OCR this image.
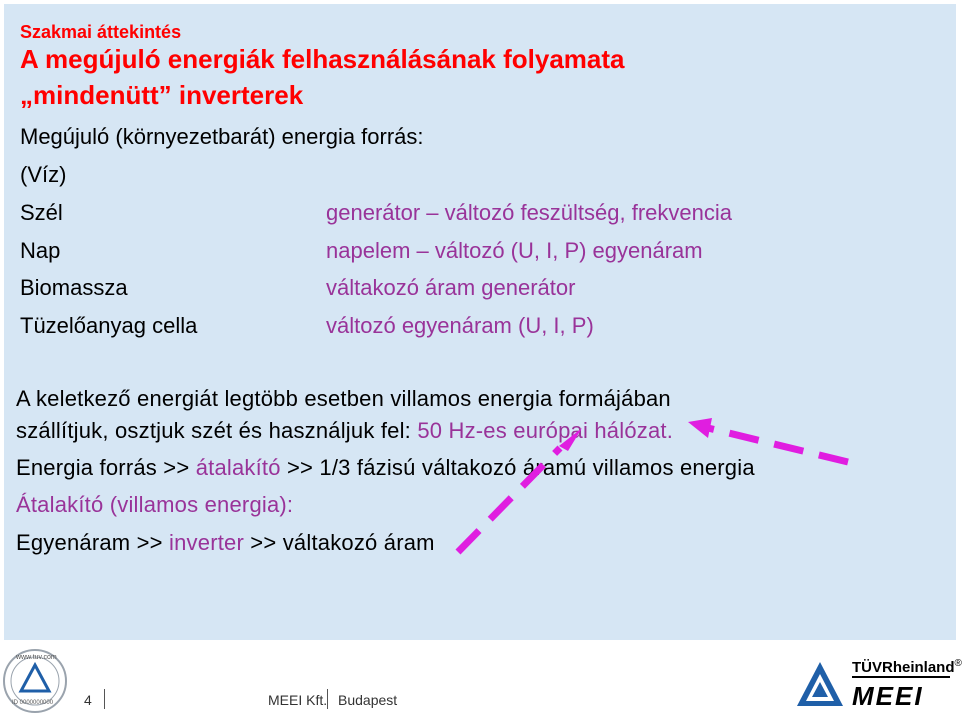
Szakmai áttekintés
A megújuló energiák felhasználásának folyamata
„mindenütt” inverterek
Megújuló (környezetbarát) energia forrás:
(Víz)
Szél	generátor – változó feszültség, frekvencia
Nap	napelem – változó (U, I, P) egyenáram
Biomassza	váltakozó áram generátor
Tüzelőanyag cella	változó egyenáram (U, I, P)
A keletkező energiát legtöbb esetben villamos energia formájában
szállítjuk, osztjuk szét és használjuk fel: 50 Hz-es európai hálózat.
Energia forrás >> átalakító >> 1/3 fázisú váltakozó áramú villamos energia
Átalakító (villamos energia):
Egyenáram >> inverter >> váltakozó áram
www.tuv.com
ID 0000000000 4	MEEI Kft. Budapest
TÜVRheinland®
MEEI
